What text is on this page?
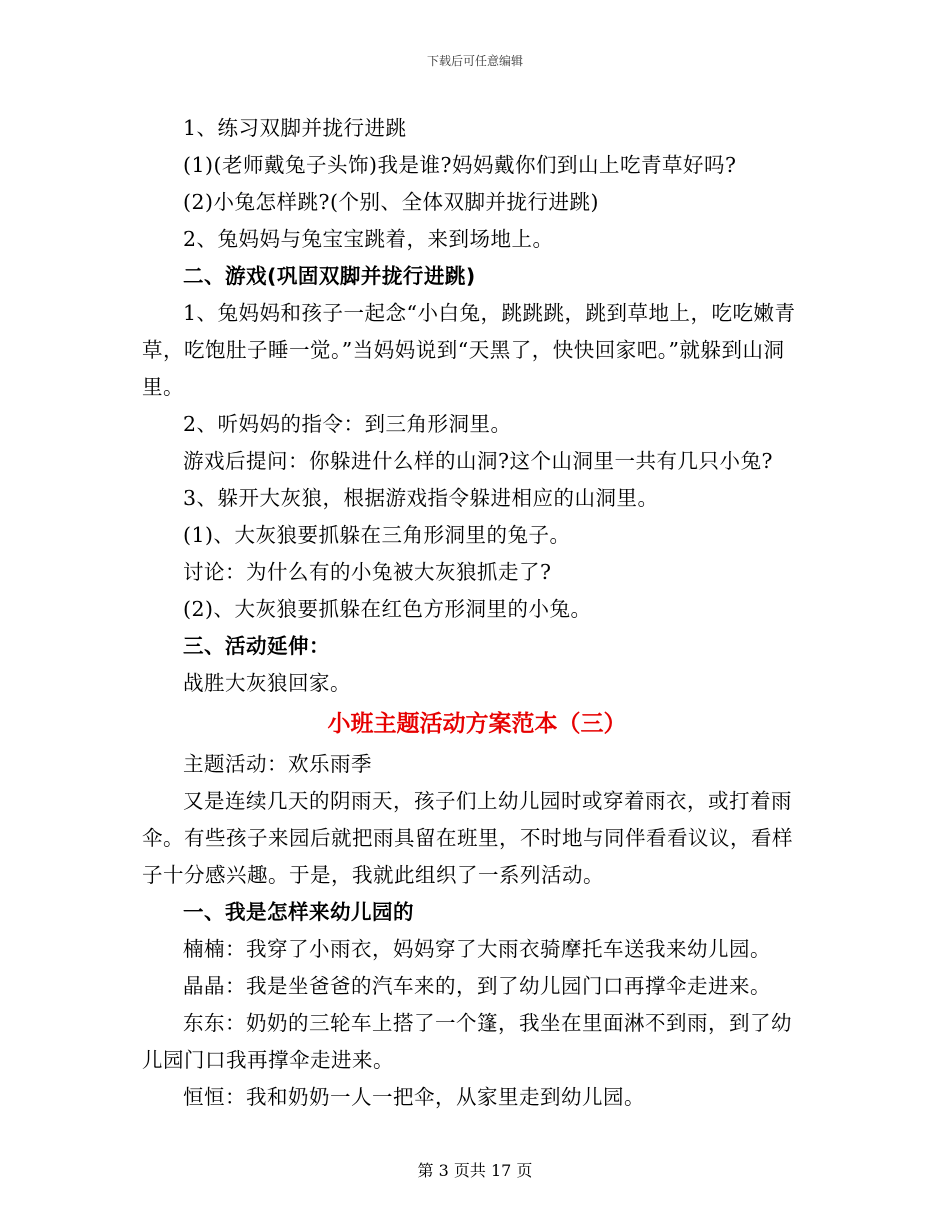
下载后可任意编辑

1、练习双脚并拢行进跳

(1)(老师戴兔子头饰)我是谁?妈妈戴你们到山上吃青草好吗?

(2)小兔怎样跳?(个别、全体双脚并拢行进跳)

2、兔妈妈与兔宝宝跳着，来到场地上。

二、游戏(巩固双脚并拢行进跳)

1、兔妈妈和孩子一起念“小白兔，跳跳跳，跳到草地上，吃吃嫩青草，吃饱肚子睡一觉。”当妈妈说到“天黑了，快快回家吧。”就躲到山洞里。

2、听妈妈的指令：到三角形洞里。

游戏后提问：你躲进什么样的山洞?这个山洞里一共有几只小兔?

3、躲开大灰狼，根据游戏指令躲进相应的山洞里。

(1)、大灰狼要抓躲在三角形洞里的兔子。

讨论：为什么有的小兔被大灰狼抓走了?

(2)、大灰狼要抓躲在红色方形洞里的小兔。

三、活动延伸：

战胜大灰狼回家。

小班主题活动方案范本（三）

主题活动：欢乐雨季

又是连续几天的阴雨天，孩子们上幼儿园时或穿着雨衣，或打着雨伞。有些孩子来园后就把雨具留在班里，不时地与同伴看看议议，看样子十分感兴趣。于是，我就此组织了一系列活动。

一、我是怎样来幼儿园的

楠楠：我穿了小雨衣，妈妈穿了大雨衣骑摩托车送我来幼儿园。

晶晶：我是坐爸爸的汽车来的，到了幼儿园门口再撑伞走进来。

东东：奶奶的三轮车上搭了一个篷，我坐在里面淋不到雨，到了幼儿园门口我再撑伞走进来。

恒恒：我和奶奶一人一把伞，从家里走到幼儿园。

第 3 页共 17 页
